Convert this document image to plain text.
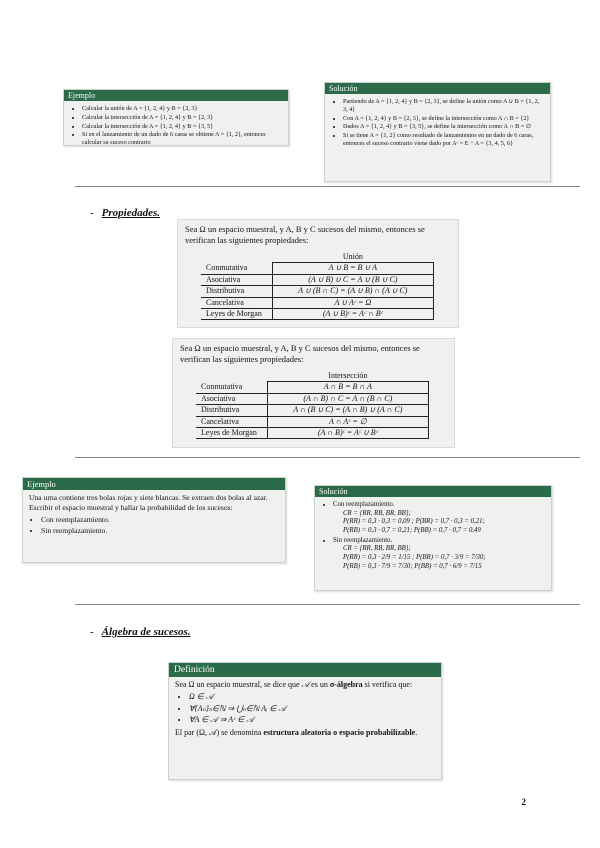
Ejemplo
• Calcular la unión de A = {1, 2, 4} y B = {2, 3}
• Calcular la intersección de A = {1, 2, 4} y B = {2, 3}
• Calcular la intersección de A = {1, 2, 4} y B = {3, 5}
• Si en el lanzamiento de un dado de 6 caras se obtiene A = {1, 2}, entonces calcular su suceso contrario
Solución
• Partiendo de A = {1, 2, 4} y B = {2, 3}, se define la unión como A ∪ B = {1, 2, 3, 4}
• Con A = {1, 2, 4} y B = {2, 3}, se define la intersección como A ∩ B = {2}
• Dados A = {1, 2, 4} y B = {3, 5}, se define la intersección como A ∩ B = ∅
• Si se tiene A = {1, 2} como resultado de lanzamientos en un dado de 6 caras, entonces el suceso contrario viene dado por Aᶜ = E − A = {3, 4, 5, 6}
- Propiedades.
Sea Ω un espacio muestral, y A, B y C sucesos del mismo, entonces se verifican las siguientes propiedades:
	Unión
Conmutativa	A ∪ B = B ∪ A
Asociativa	(A ∪ B) ∪ C = A ∪ (B ∪ C)
Distributiva	A ∪ (B ∩ C) = (A ∪ B) ∩ (A ∪ C)
Cancelativa	A ∪ Aᶜ = Ω
Leyes de Morgan	(A ∪ B)ᶜ = Aᶜ ∩ Bᶜ
Sea Ω un espacio muestral, y A, B y C sucesos del mismo, entonces se verifican las siguientes propiedades:
	Intersección
Conmutativa	A ∩ B = B ∩ A
Asociativa	(A ∩ B) ∩ C = A ∩ (B ∩ C)
Distributiva	A ∩ (B ∪ C) = (A ∩ B) ∪ (A ∩ C)
Cancelativa	A ∩ Aᶜ = ∅
Leyes de Morgan	(A ∩ B)ᶜ = Aᶜ ∪ Bᶜ
Ejemplo
Una urna contiene tres bolas rojas y siete blancas. Se extraen dos bolas al azar. Escribir el espacio muestral y hallar la probabilidad de los sucesos:
• Con reemplazamiento.
• Sin reemplazamiento.
Solución
• Con reemplazamiento.
CR = {RR, RB, BR, BB};
P(RR) = 0,3 · 0,3 = 0,09 ; P(BR) = 0,7 · 0,3 = 0,21;
P(RB) = 0,3 · 0,7 = 0,21; P(BB) = 0,7 · 0,7 = 0,49
• Sin reemplazamiento.
CR = {RR, RB, BR, BB};
P(RR) = 0,3 · 2/9 = 1/15 ; P(BR) = 0,7 · 3/9 = 7/30;
P(RB) = 0,3 · 7/9 = 7/30; P(BB) = 0,7 · 6/9 = 7/15
- Álgebra de sucesos.
Definición
Sea Ω un espacio muestral, se dice que 𝒜 es un σ-álgebra si verifica que:
• Ω ∈ 𝒜
• ∀{Aₙ}ₙ∈ℕ ⇒ ⋃ₙ∈ℕ Aᵢ ∈ 𝒜
• ∀A ∈ 𝒜 ⇒ Aᶜ ∈ 𝒜
El par (Ω, 𝒜) se denomina estructura aleatoria o espacio probabilizable.
2
